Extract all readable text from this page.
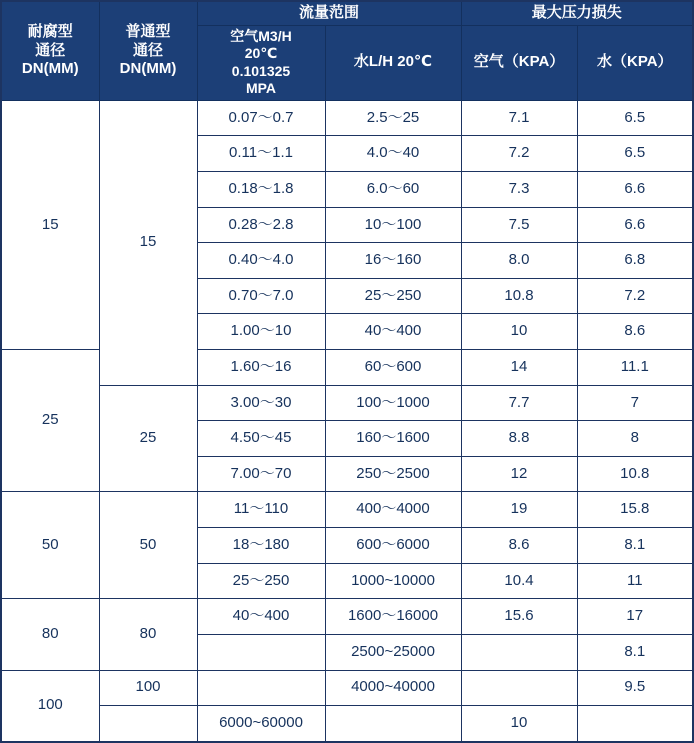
耐腐型
通径
DN(MM)	普通型
通径
DN(MM)	流量范围		最大压力损失	

		空气M3/H
20℃
0.101325
MPA	水L/H 20℃	空气（KPA）	水（KPA）
15	15	0.07～0.7	2.5～25	7.1	6.5
		0.11～1.1	4.0～40	7.2	6.5
		0.18～1.8	6.0～60	7.3	6.6
		0.28～2.8	10～100	7.5	6.6
		0.40～4.0	16～160	8.0	6.8
		0.70～7.0	25～250	10.8	7.2
		1.00～10	40～400	10	8.6
25		1.60～16	60～600	14	11.1
	25	3.00～30	100～1000	7.7	7
		4.50～45	160～1600	8.8	8
		7.00～70	250～2500	12	10.8
50	50	11～110	400～4000	19	15.8
		18～180	600～6000	8.6	8.1
		25～250	1000~10000	10.4	11
80	80	40～400	1600～16000	15.6	17
			2500~25000		8.1
100	100		4000~40000		9.5
		6000~60000		10	
